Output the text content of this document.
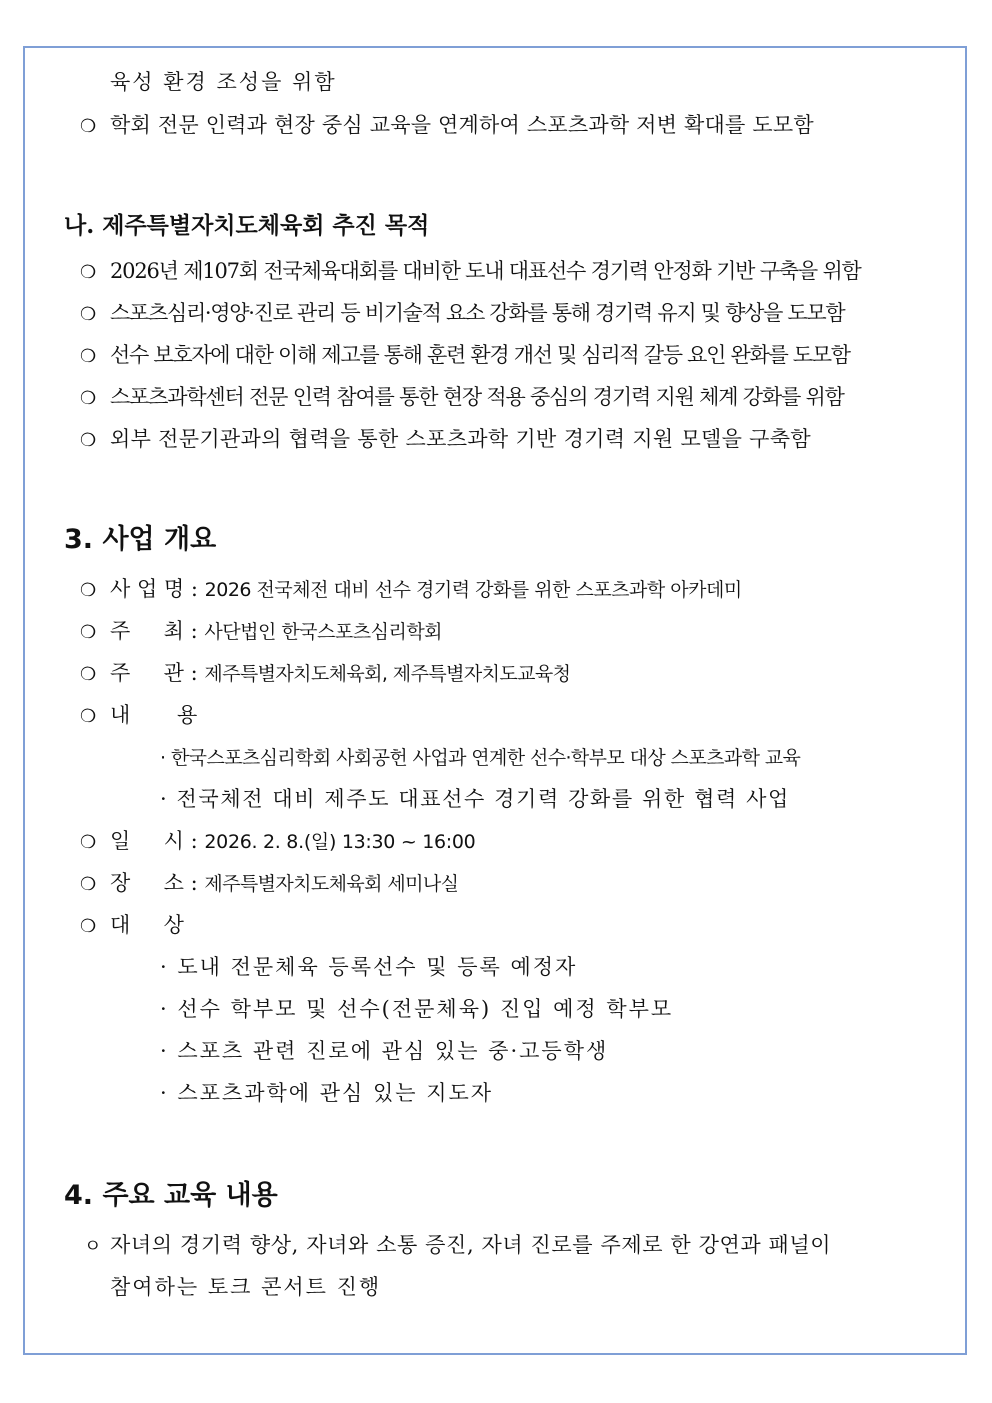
육성 환경 조성을 위함
❍ 학회 전문 인력과 현장 중심 교육을 연계하여 스포츠과학 저변 확대를 도모함
나. 제주특별자치도체육회 추진 목적
❍ 2026년 제107회 전국체육대회를 대비한 도내 대표선수 경기력 안정화 기반 구축을 위함
❍ 스포츠심리·영양·진로 관리 등 비기술적 요소 강화를 통해 경기력 유지 및 향상을 도모함
❍ 선수 보호자에 대한 이해 제고를 통해 훈련 환경 개선 및 심리적 갈등 요인 완화를 도모함
❍ 스포츠과학센터 전문 인력 참여를 통한 현장 적용 중심의 경기력 지원 체계 강화를 위함
❍ 외부 전문기관과의 협력을 통한 스포츠과학 기반 경기력 지원 모델을 구축함
3. 사업 개요
❍ 사 업 명 : 2026 전국체전 대비 선수 경기력 강화를 위한 스포츠과학 아카데미
❍ 주     최 : 사단법인 한국스포츠심리학회
❍ 주     관 : 제주특별자치도체육회, 제주특별자치도교육청
❍ 내       용
· 한국스포츠심리학회 사회공헌 사업과 연계한 선수·학부모 대상 스포츠과학 교육
· 전국체전 대비 제주도 대표선수 경기력 강화를 위한 협력 사업
❍ 일     시 : 2026. 2. 8.(일) 13:30 ~ 16:00
❍ 장     소 : 제주특별자치도체육회 세미나실
❍ 대     상
· 도내 전문체육 등록선수 및 등록 예정자
· 선수 학부모 및 선수(전문체육) 진입 예정 학부모
· 스포츠 관련 진로에 관심 있는 중·고등학생
· 스포츠과학에 관심 있는 지도자
4. 주요 교육 내용
ㅇ 자녀의 경기력 향상, 자녀와 소통 증진, 자녀 진로를 주제로 한 강연과 패널이
참여하는 토크 콘서트 진행
